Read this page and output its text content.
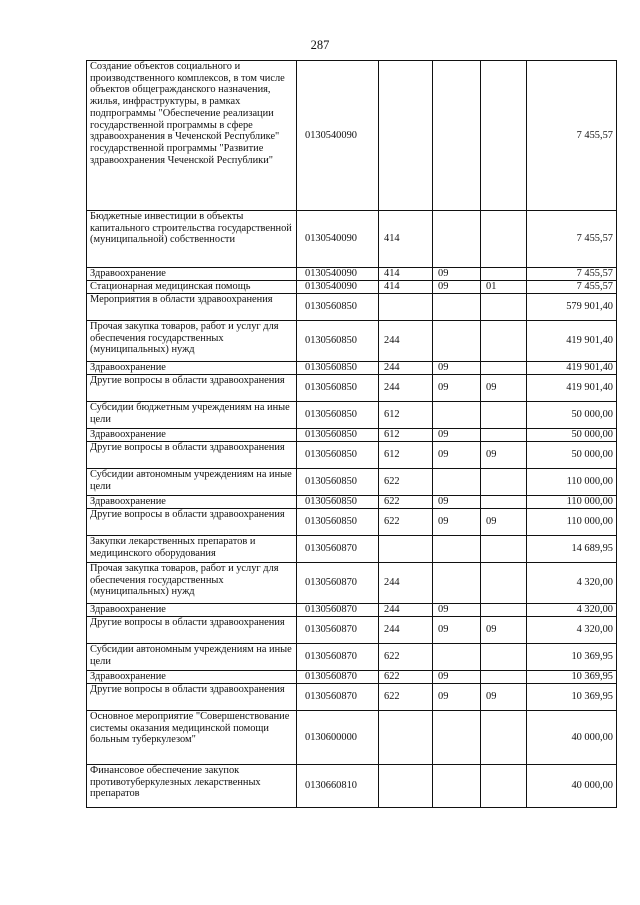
287
Создание объектов социального и производственного комплексов, в том числе объектов общегражданского назначения, жилья, инфраструктуры, в рамках подпрограммы "Обеспечение реализации государственной программы в сфере здравоохранения в Чеченской Республике" государственной программы "Развитие здравоохранения Чеченской Республики"	0130540090				7 455,57
Бюджетные инвестиции в объекты капитального строительства государственной (муниципальной) собственности	0130540090	414			7 455,57
Здравоохранение	0130540090	414	09		7 455,57
Стационарная медицинская помощь	0130540090	414	09	01	7 455,57
Мероприятия в области здравоохранения	0130560850				579 901,40
Прочая закупка товаров, работ и услуг для обеспечения государственных (муниципальных) нужд	0130560850	244			419 901,40
Здравоохранение	0130560850	244	09		419 901,40
Другие вопросы в области здравоохранения	0130560850	244	09	09	419 901,40
Субсидии бюджетным учреждениям на иные цели	0130560850	612			50 000,00
Здравоохранение	0130560850	612	09		50 000,00
Другие вопросы в области здравоохранения	0130560850	612	09	09	50 000,00
Субсидии автономным учреждениям на иные цели	0130560850	622			110 000,00
Здравоохранение	0130560850	622	09		110 000,00
Другие вопросы в области здравоохранения	0130560850	622	09	09	110 000,00
Закупки лекарственных препаратов и медицинского оборудования	0130560870				14 689,95
Прочая закупка товаров, работ и услуг для обеспечения государственных (муниципальных) нужд	0130560870	244			4 320,00
Здравоохранение	0130560870	244	09		4 320,00
Другие вопросы в области здравоохранения	0130560870	244	09	09	4 320,00
Субсидии автономным учреждениям на иные цели	0130560870	622			10 369,95
Здравоохранение	0130560870	622	09		10 369,95
Другие вопросы в области здравоохранения	0130560870	622	09	09	10 369,95
Основное мероприятие "Совершенствование системы оказания медицинской помощи больным туберкулезом"	0130600000				40 000,00
Финансовое обеспечение закупок противотуберкулезных лекарственных препаратов	0130660810				40 000,00
